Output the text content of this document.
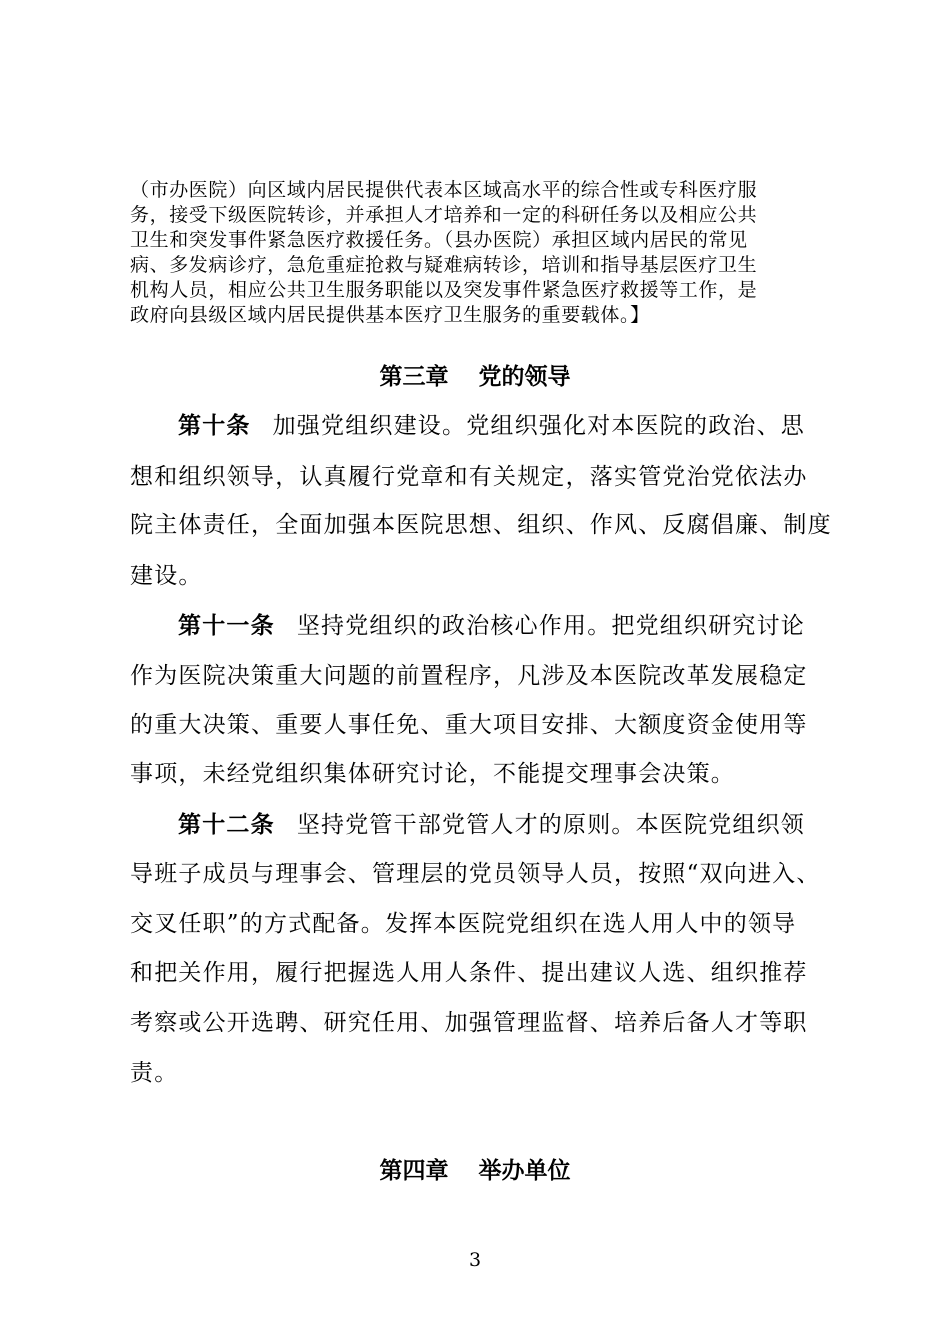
（市办医院）向区域内居民提供代表本区域高水平的综合性或专科医疗服
务，接受下级医院转诊，并承担人才培养和一定的科研任务以及相应公共
卫生和突发事件紧急医疗救援任务。（县办医院）承担区域内居民的常见
病、多发病诊疗，急危重症抢救与疑难病转诊，培训和指导基层医疗卫生
机构人员，相应公共卫生服务职能以及突发事件紧急医疗救援等工作，是
政府向县级区域内居民提供基本医疗卫生服务的重要载体。】
第三章 党的领导
第十条 加强党组织建设。党组织强化对本医院的政治、思
想和组织领导，认真履行党章和有关规定，落实管党治党依法办
院主体责任，全面加强本医院思想、组织、作风、反腐倡廉、制度
建设。
第十一条 坚持党组织的政治核心作用。把党组织研究讨论
作为医院决策重大问题的前置程序，凡涉及本医院改革发展稳定
的重大决策、重要人事任免、重大项目安排、大额度资金使用等
事项，未经党组织集体研究讨论，不能提交理事会决策。
第十二条 坚持党管干部党管人才的原则。本医院党组织领
导班子成员与理事会、管理层的党员领导人员，按照“双向进入、
交叉任职”的方式配备。发挥本医院党组织在选人用人中的领导
和把关作用，履行把握选人用人条件、提出建议人选、组织推荐
考察或公开选聘、研究任用、加强管理监督、培养后备人才等职
责。
第四章 举办单位
3
